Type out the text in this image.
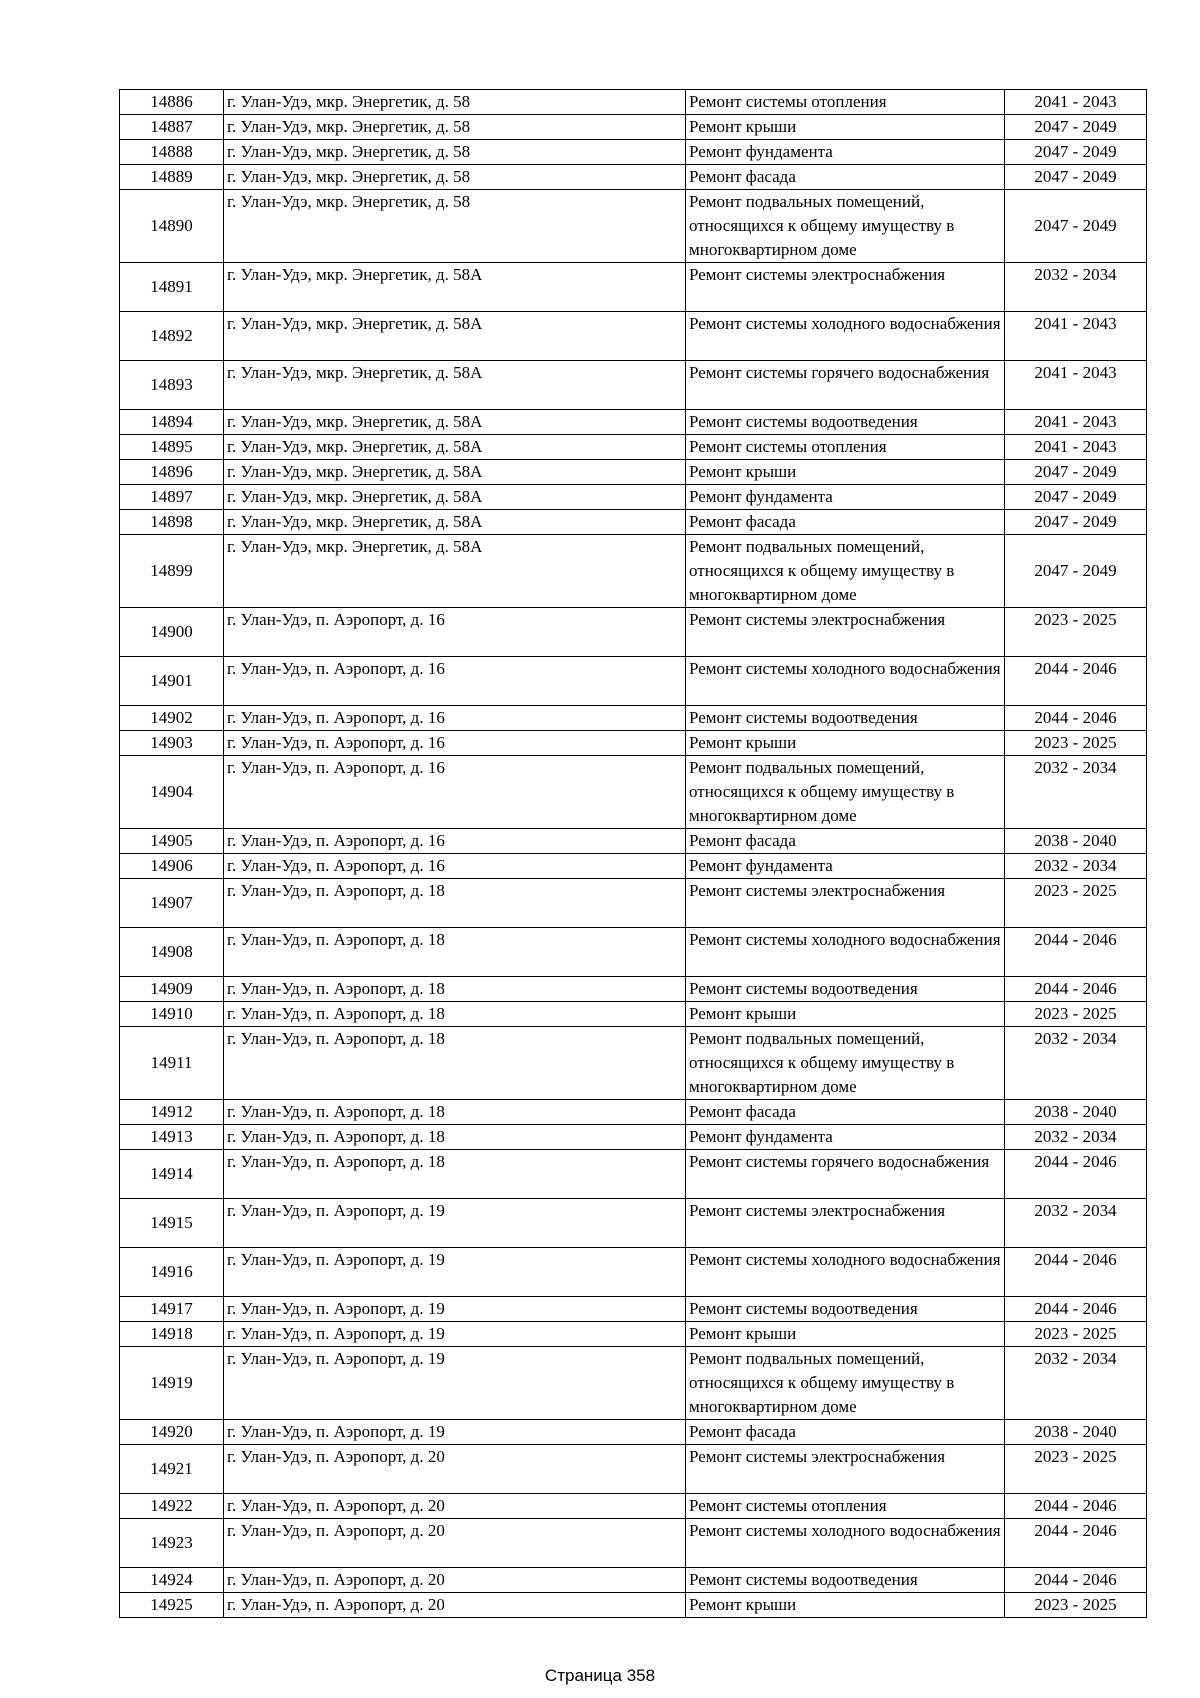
14886	г. Улан-Удэ, мкр. Энергетик, д. 58	Ремонт системы отопления	2041 - 2043
14887	г. Улан-Удэ, мкр. Энергетик, д. 58	Ремонт крыши	2047 - 2049
14888	г. Улан-Удэ, мкр. Энергетик, д. 58	Ремонт фундамента	2047 - 2049
14889	г. Улан-Удэ, мкр. Энергетик, д. 58	Ремонт фасада	2047 - 2049
14890	г. Улан-Удэ, мкр. Энергетик, д. 58	Ремонт подвальных помещений, относящихся к общему имуществу в многоквартирном доме	2047 - 2049
14891	г. Улан-Удэ, мкр. Энергетик, д. 58А	Ремонт системы электроснабжения	2032 - 2034
14892	г. Улан-Удэ, мкр. Энергетик, д. 58А	Ремонт системы холодного водоснабжения	2041 - 2043
14893	г. Улан-Удэ, мкр. Энергетик, д. 58А	Ремонт системы горячего водоснабжения	2041 - 2043
14894	г. Улан-Удэ, мкр. Энергетик, д. 58А	Ремонт системы водоотведения	2041 - 2043
14895	г. Улан-Удэ, мкр. Энергетик, д. 58А	Ремонт системы отопления	2041 - 2043
14896	г. Улан-Удэ, мкр. Энергетик, д. 58А	Ремонт крыши	2047 - 2049
14897	г. Улан-Удэ, мкр. Энергетик, д. 58А	Ремонт фундамента	2047 - 2049
14898	г. Улан-Удэ, мкр. Энергетик, д. 58А	Ремонт фасада	2047 - 2049
14899	г. Улан-Удэ, мкр. Энергетик, д. 58А	Ремонт подвальных помещений, относящихся к общему имуществу в многоквартирном доме	2047 - 2049
14900	г. Улан-Удэ, п. Аэропорт, д. 16	Ремонт системы электроснабжения	2023 - 2025
14901	г. Улан-Удэ, п. Аэропорт, д. 16	Ремонт системы холодного водоснабжения	2044 - 2046
14902	г. Улан-Удэ, п. Аэропорт, д. 16	Ремонт системы водоотведения	2044 - 2046
14903	г. Улан-Удэ, п. Аэропорт, д. 16	Ремонт крыши	2023 - 2025
14904	г. Улан-Удэ, п. Аэропорт, д. 16	Ремонт подвальных помещений, относящихся к общему имуществу в многоквартирном доме	2032 - 2034
14905	г. Улан-Удэ, п. Аэропорт, д. 16	Ремонт фасада	2038 - 2040
14906	г. Улан-Удэ, п. Аэропорт, д. 16	Ремонт фундамента	2032 - 2034
14907	г. Улан-Удэ, п. Аэропорт, д. 18	Ремонт системы электроснабжения	2023 - 2025
14908	г. Улан-Удэ, п. Аэропорт, д. 18	Ремонт системы холодного водоснабжения	2044 - 2046
14909	г. Улан-Удэ, п. Аэропорт, д. 18	Ремонт системы водоотведения	2044 - 2046
14910	г. Улан-Удэ, п. Аэропорт, д. 18	Ремонт крыши	2023 - 2025
14911	г. Улан-Удэ, п. Аэропорт, д. 18	Ремонт подвальных помещений, относящихся к общему имуществу в многоквартирном доме	2032 - 2034
14912	г. Улан-Удэ, п. Аэропорт, д. 18	Ремонт фасада	2038 - 2040
14913	г. Улан-Удэ, п. Аэропорт, д. 18	Ремонт фундамента	2032 - 2034
14914	г. Улан-Удэ, п. Аэропорт, д. 18	Ремонт системы горячего водоснабжения	2044 - 2046
14915	г. Улан-Удэ, п. Аэропорт, д. 19	Ремонт системы электроснабжения	2032 - 2034
14916	г. Улан-Удэ, п. Аэропорт, д. 19	Ремонт системы холодного водоснабжения	2044 - 2046
14917	г. Улан-Удэ, п. Аэропорт, д. 19	Ремонт системы водоотведения	2044 - 2046
14918	г. Улан-Удэ, п. Аэропорт, д. 19	Ремонт крыши	2023 - 2025
14919	г. Улан-Удэ, п. Аэропорт, д. 19	Ремонт подвальных помещений, относящихся к общему имуществу в многоквартирном доме	2032 - 2034
14920	г. Улан-Удэ, п. Аэропорт, д. 19	Ремонт фасада	2038 - 2040
14921	г. Улан-Удэ, п. Аэропорт, д. 20	Ремонт системы электроснабжения	2023 - 2025
14922	г. Улан-Удэ, п. Аэропорт, д. 20	Ремонт системы отопления	2044 - 2046
14923	г. Улан-Удэ, п. Аэропорт, д. 20	Ремонт системы холодного водоснабжения	2044 - 2046
14924	г. Улан-Удэ, п. Аэропорт, д. 20	Ремонт системы водоотведения	2044 - 2046
14925	г. Улан-Удэ, п. Аэропорт, д. 20	Ремонт крыши	2023 - 2025
Страница 358
